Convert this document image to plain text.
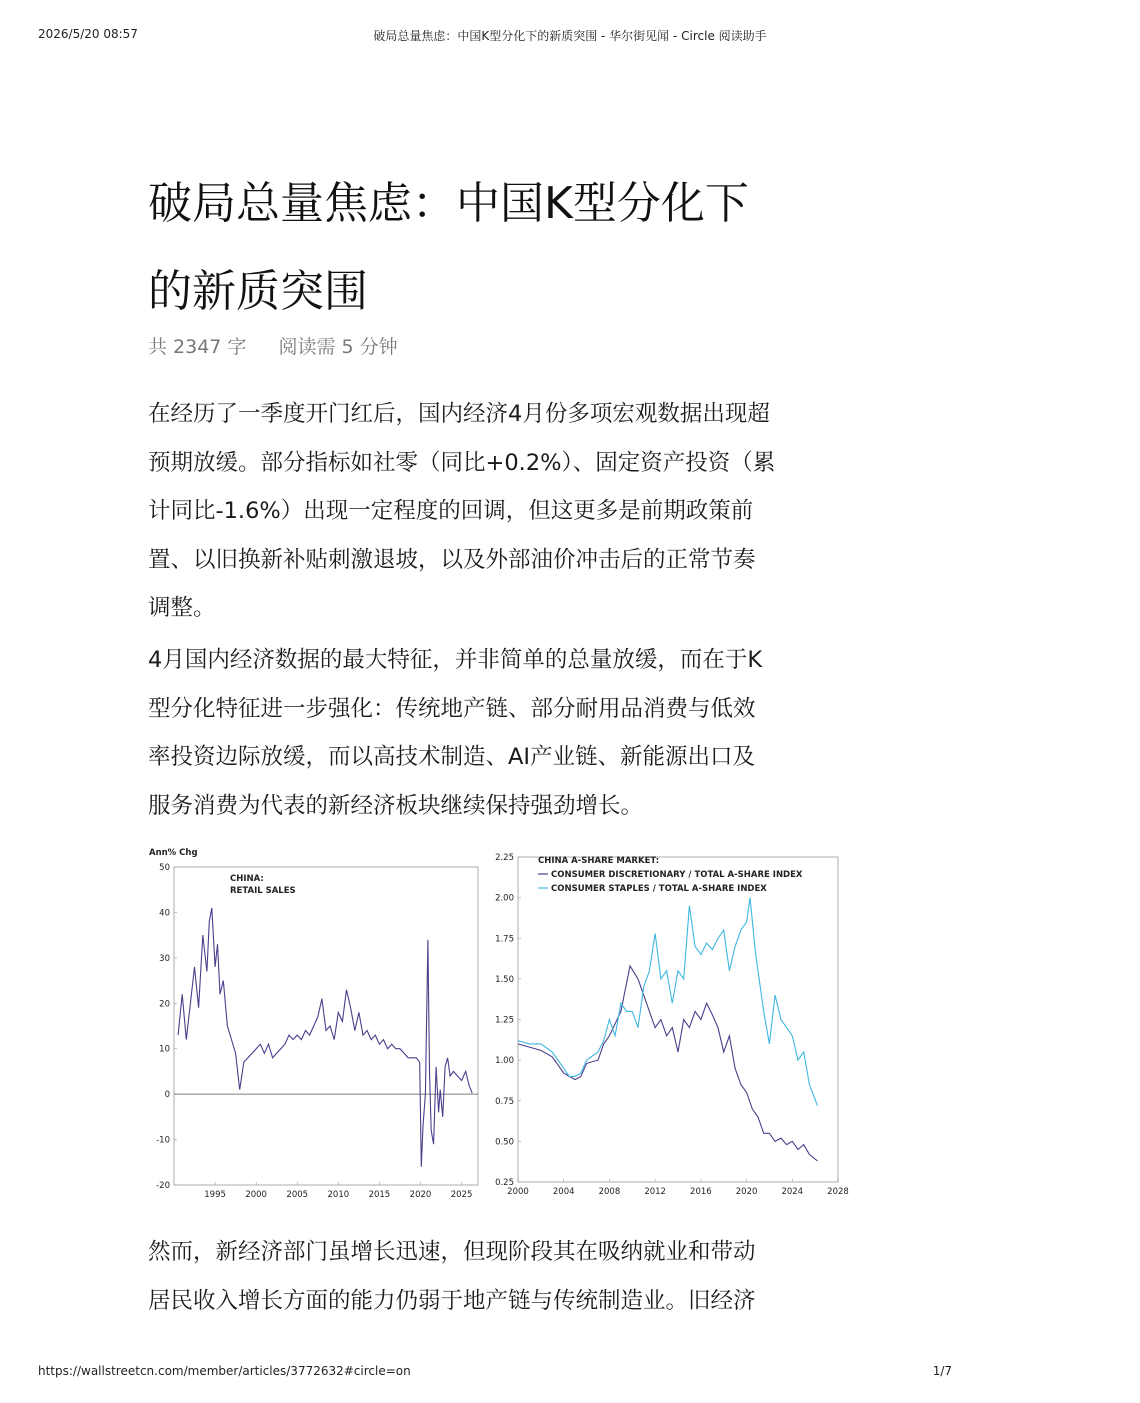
2026/5/20 08:57	破局总量焦虑：中国K型分化下的新质突围 - 华尔街见闻 - Circle 阅读助手
破局总量焦虑：中国K型分化下
的新质突围
共 2347 字 阅读需 5 分钟
在经历了一季度开门红后，国内经济4月份多项宏观数据出现超
预期放缓。部分指标如社零（同比+0.2%）、固定资产投资（累
计同比-1.6%）出现一定程度的回调，但这更多是前期政策前
置、以旧换新补贴刺激退坡，以及外部油价冲击后的正常节奏
调整。
4月国内经济数据的最大特征，并非简单的总量放缓，而在于K
型分化特征进一步强化：传统地产链、部分耐用品消费与低效
率投资边际放缓，而以高技术制造、AI产业链、新能源出口及
服务消费为代表的新经济板块继续保持强劲增长。
-20
-10
0
10
20
30
40
50
1995 2000 2005 2010 2015 2020 2025
Ann% Chg
CHINA:
RETAIL SALES
0.25
0.50
0.75
1.00
1.25
1.50
1.75
2.00
2.25
2000	2004	2008	2012	2016	2020	2024	2028
CHINA A-SHARE MARKET:
CONSUMER DISCRETIONARY / TOTAL A-SHARE INDEX
CONSUMER STAPLES / TOTAL A-SHARE INDEX
然而，新经济部门虽增长迅速，但现阶段其在吸纳就业和带动
居民收入增长方面的能力仍弱于地产链与传统制造业。旧经济
https://wallstreetcn.com/member/articles/3772632#circle=on	1/7
